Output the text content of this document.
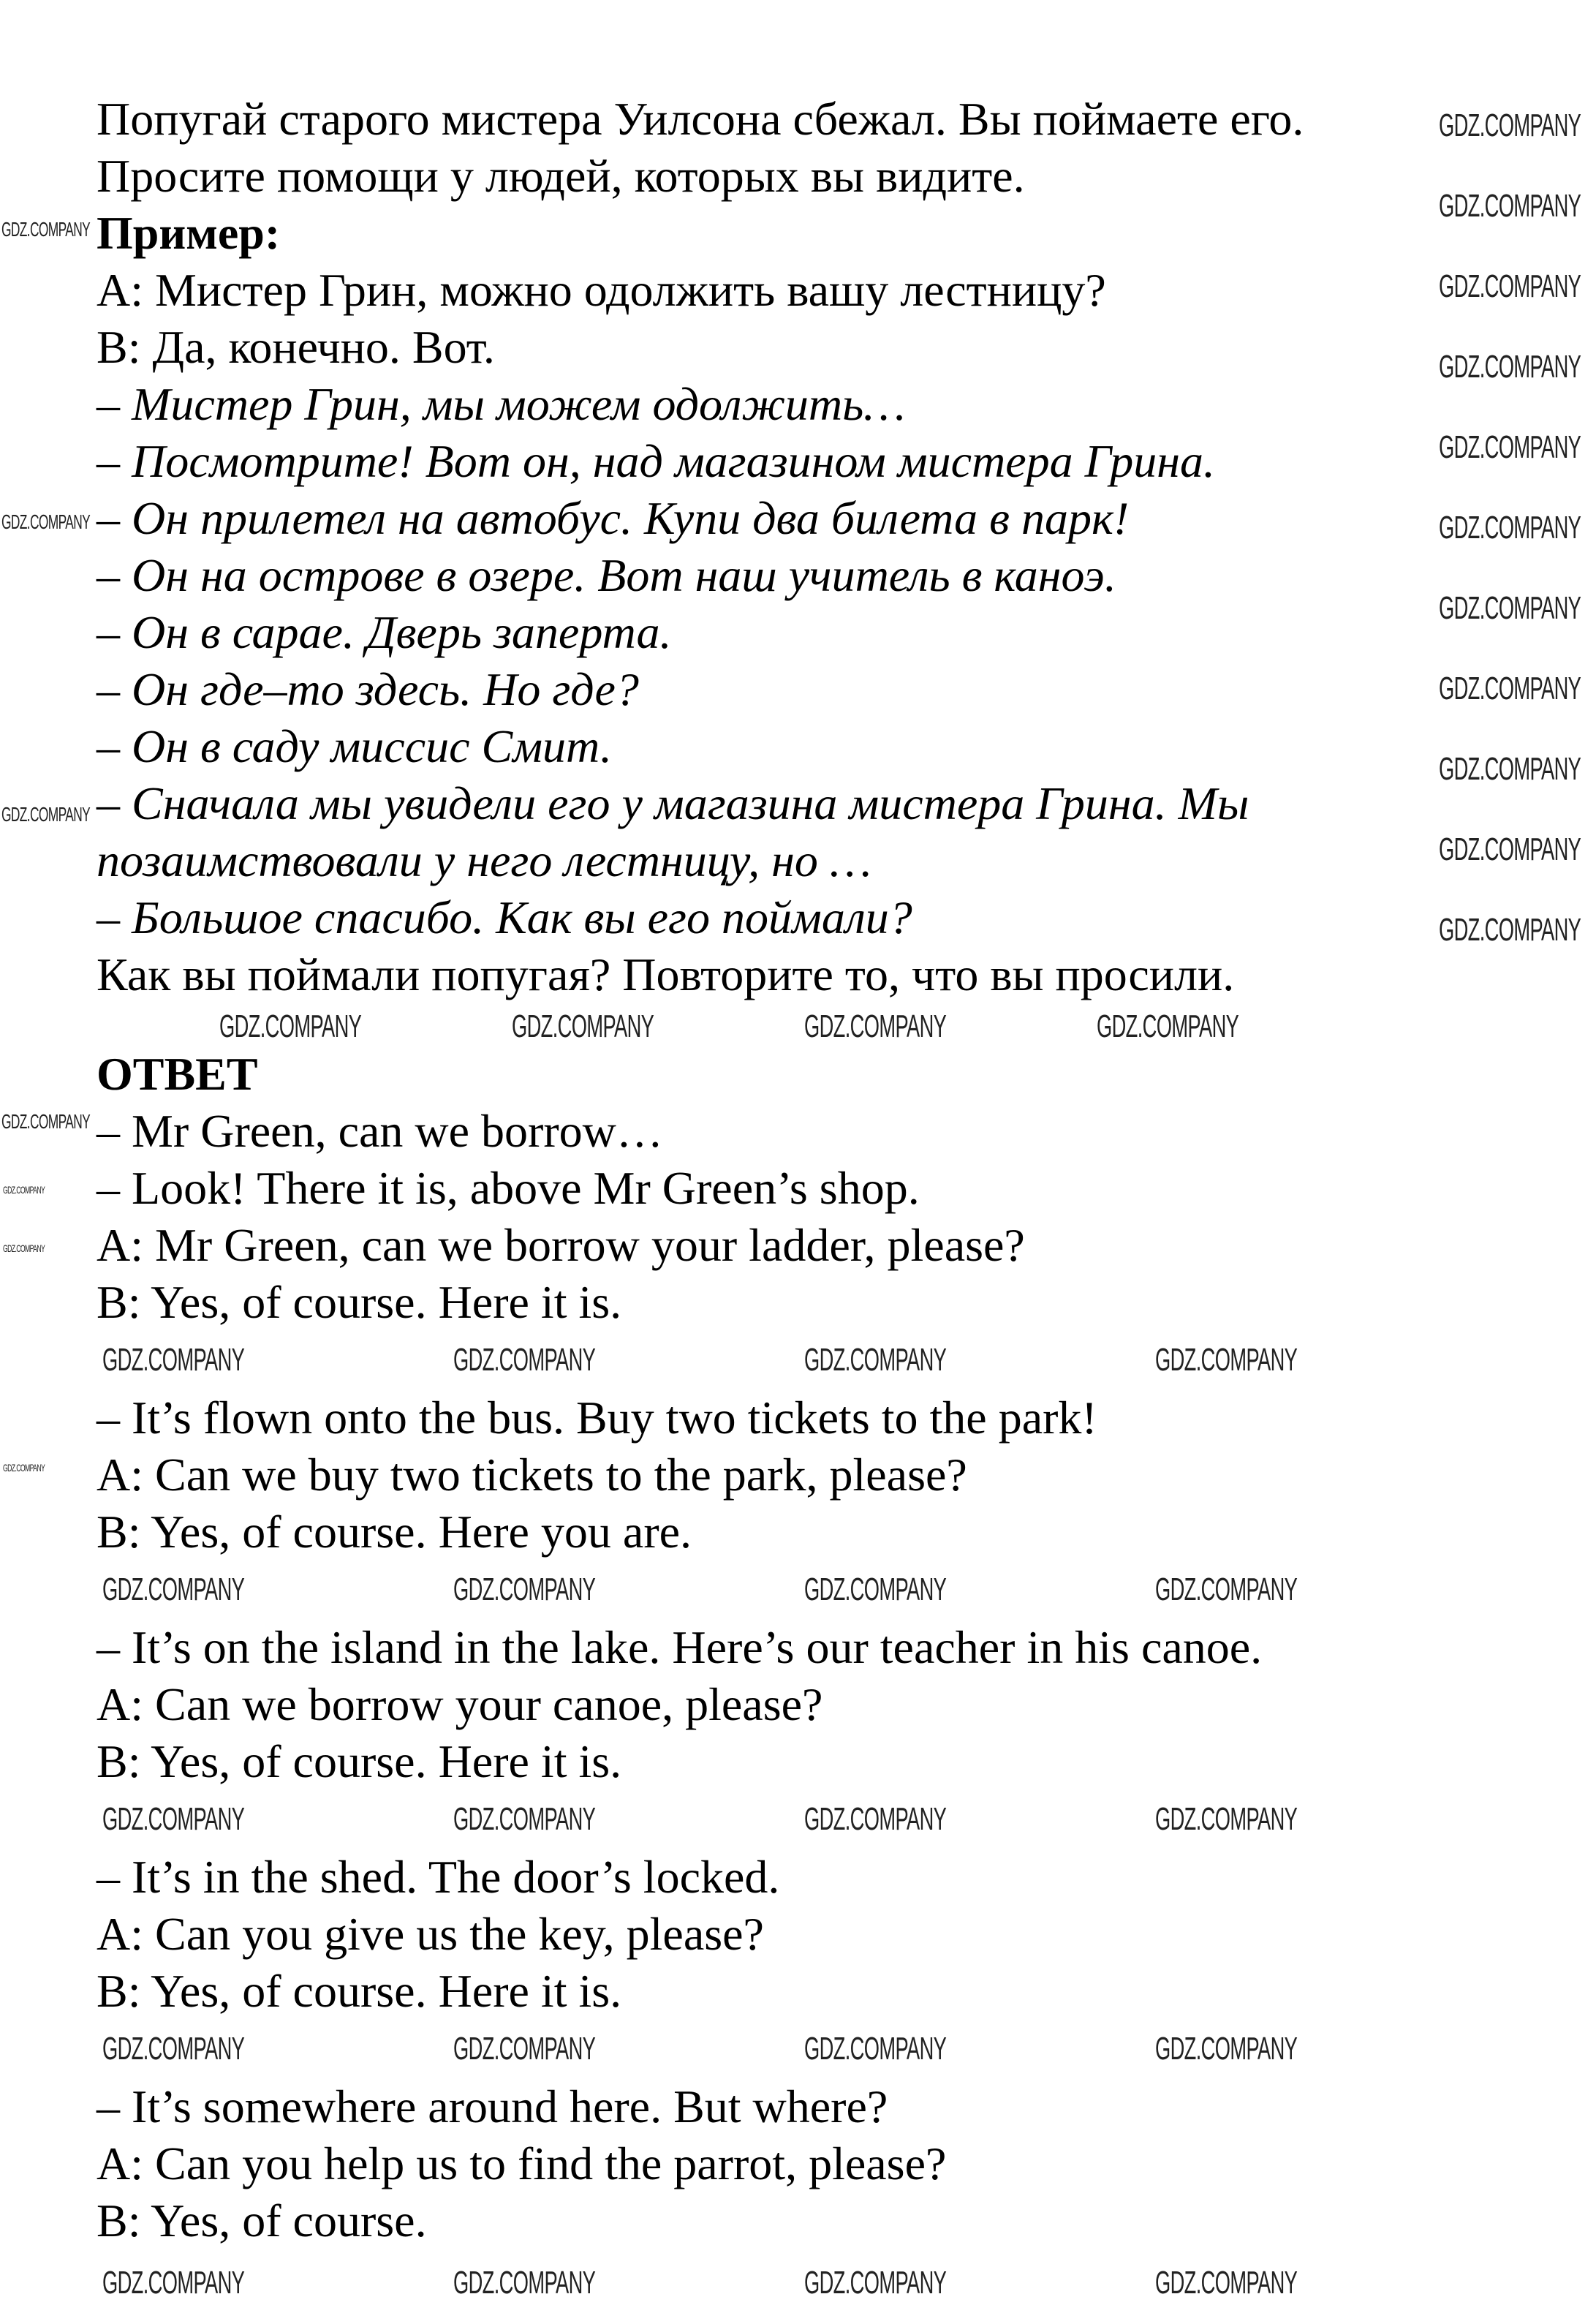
Попугай старого мистера Уилсона сбежал. Вы поймаете его.
Просите помощи у людей, которых вы видите.
Пример:
A: Мистер Грин, можно одолжить вашу лестницу?
B: Да, конечно. Вот.
– Мистер Грин, мы можем одолжить…
– Посмотрите! Вот он, над магазином мистера Грина.
– Он прилетел на автобус. Купи два билета в парк!
– Он на острове в озере. Вот наш учитель в каноэ.
– Он в сарае. Дверь заперта.
– Он где–то здесь. Но где?
– Он в саду миссис Смит.
– Сначала мы увидели его у магазина мистера Грина. Мы
позаимствовали у него лестницу, но …
– Большое спасибо. Как вы его поймали?
Как вы поймали попугая? Повторите то, что вы просили.
ОТВЕТ
– Mr Green, can we borrow…
– Look! There it is, above Mr Green’s shop.
A: Mr Green, can we borrow your ladder, please?
B: Yes, of course. Here it is.
– It’s flown onto the bus. Buy two tickets to the park!
A: Can we buy two tickets to the park, please?
B: Yes, of course. Here you are.
– It’s on the island in the lake. Here’s our teacher in his canoe.
A: Can we borrow your canoe, please?
B: Yes, of course. Here it is.
– It’s in the shed. The door’s locked.
A: Can you give us the key, please?
B: Yes, of course. Here it is.
– It’s somewhere around here. But where?
A: Can you help us to find the parrot, please?
B: Yes, of course.
GDZ.COMPANY
GDZ.COMPANY
GDZ.COMPANY
GDZ.COMPANY
GDZ.COMPANY
GDZ.COMPANY
GDZ.COMPANY
GDZ.COMPANY
GDZ.COMPANY
GDZ.COMPANY
GDZ.COMPANY
GDZ.COMPANY
GDZ.COMPANY
GDZ.COMPANY
GDZ.COMPANY
GDZ.COMPANY
GDZ.COMPANY
GDZ.COMPANY
GDZ.COMPANY	GDZ.COMPANY	GDZ.COMPANY	GDZ.COMPANY
GDZ.COMPANY	GDZ.COMPANY	GDZ.COMPANY	GDZ.COMPANY
GDZ.COMPANY	GDZ.COMPANY	GDZ.COMPANY	GDZ.COMPANY
GDZ.COMPANY	GDZ.COMPANY	GDZ.COMPANY	GDZ.COMPANY
GDZ.COMPANY	GDZ.COMPANY	GDZ.COMPANY	GDZ.COMPANY
GDZ.COMPANY	GDZ.COMPANY	GDZ.COMPANY	GDZ.COMPANY
